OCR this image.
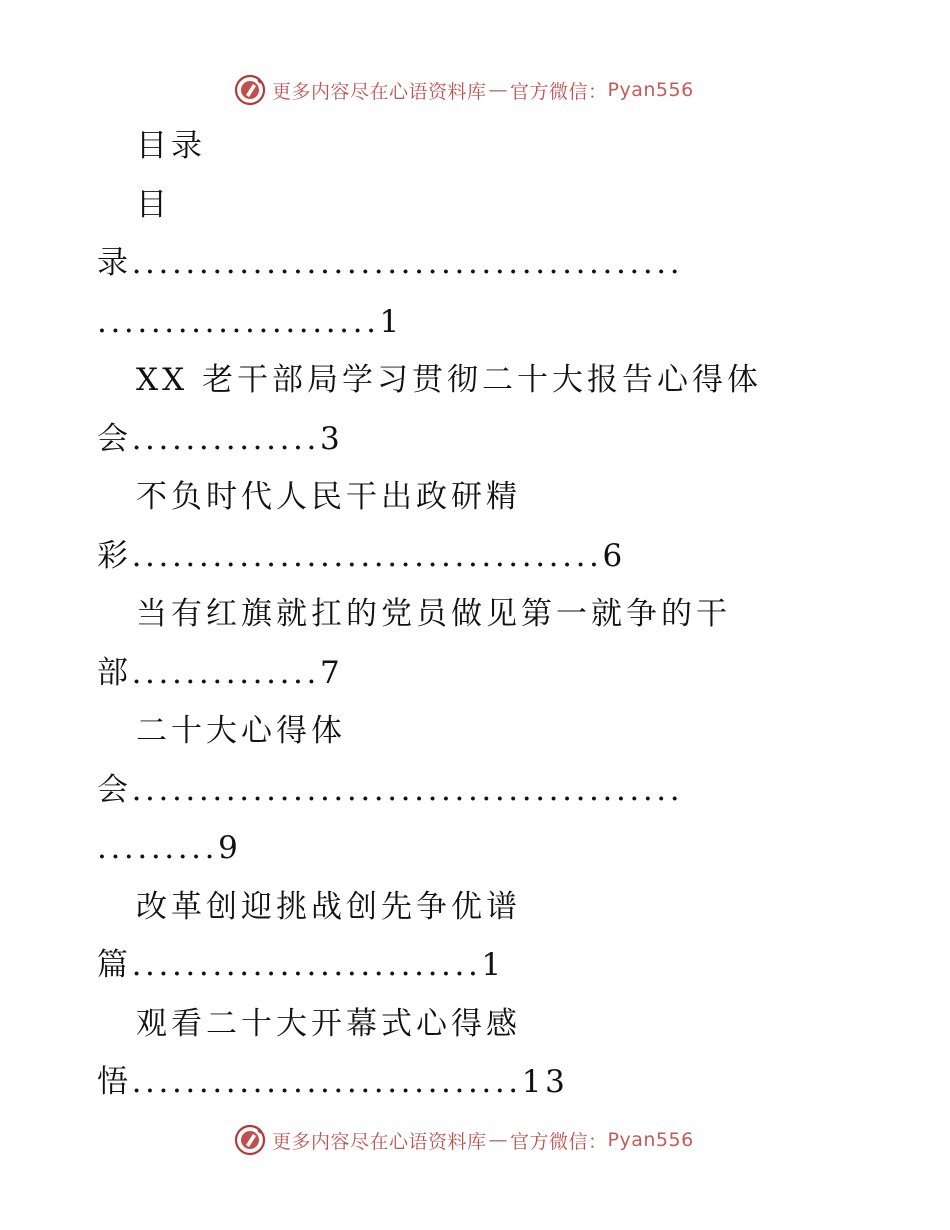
更多内容尽在心语资料库 — 官方微信： Pyan556
目录
目
录.........................................
.....................1
XX 老干部局学习贯彻二十大报告心得体
会..............3
不负时代人民干出政研精
彩...................................6
当有红旗就扛的党员做见第一就争的干
部..............7
二十大心得体
会.........................................
.........9
改革创迎挑战创先争优谱
篇..........................1
观看二十大开幕式心得感
悟.............................13
更多内容尽在心语资料库 — 官方微信： Pyan556
